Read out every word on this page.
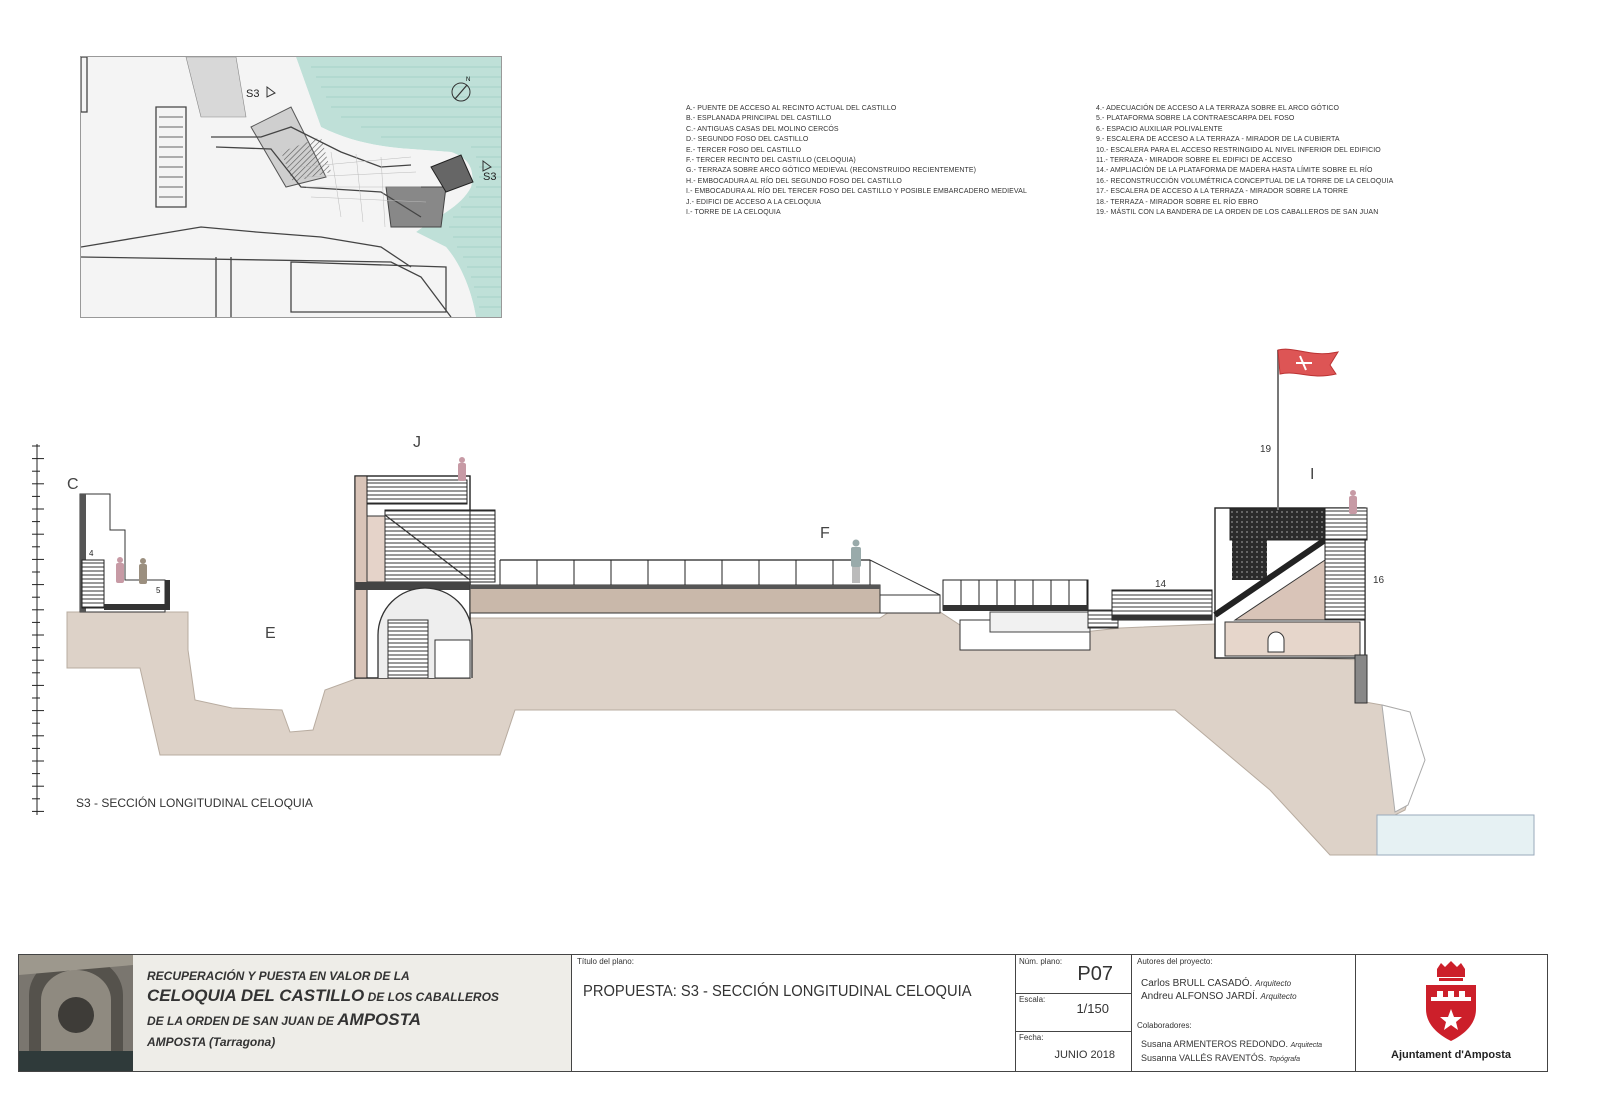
S3
S3
N
A.- PUENTE DE ACCESO AL RECINTO ACTUAL DEL CASTILLO
B.- ESPLANADA PRINCIPAL DEL CASTILLO
C.- ANTIGUAS CASAS DEL MOLINO CERCÓS
D.- SEGUNDO FOSO DEL CASTILLO
E.- TERCER FOSO DEL CASTILLO
F.- TERCER RECINTO DEL CASTILLO (CELOQUIA)
G.- TERRAZA SOBRE ARCO GÓTICO MEDIEVAL (RECONSTRUIDO RECIENTEMENTE)
H.- EMBOCADURA AL RÍO DEL SEGUNDO FOSO DEL CASTILLO
I.- EMBOCADURA AL RÍO DEL TERCER FOSO DEL CASTILLO Y POSIBLE EMBARCADERO MEDIEVAL
J.- EDIFICI DE ACCESO A LA CELOQUIA
I.- TORRE DE LA CELOQUIA
4.- ADECUACIÓN DE ACCESO A LA TERRAZA SOBRE EL ARCO GÓTICO
5.- PLATAFORMA SOBRE LA CONTRAESCARPA DEL FOSO
6.- ESPACIO AUXILIAR POLIVALENTE
9.- ESCALERA DE ACCESO A LA TERRAZA - MIRADOR DE LA CUBIERTA
10.- ESCALERA PARA EL ACCESO RESTRINGIDO AL NIVEL INFERIOR DEL EDIFICIO
11.- TERRAZA - MIRADOR SOBRE EL EDIFICI DE ACCESO
14.- AMPLIACIÓN DE LA PLATAFORMA DE MADERA HASTA LÍMITE SOBRE EL RÍO
16.- RECONSTRUCCIÓN VOLUMÉTRICA CONCEPTUAL DE LA TORRE DE LA CELOQUIA
17.- ESCALERA DE ACCESO A LA TERRAZA - MIRADOR SOBRE LA TORRE
18.- TERRAZA - MIRADOR SOBRE EL RÍO EBRO
19.- MÁSTIL CON LA BANDERA DE LA ORDEN DE LOS CABALLEROS DE SAN JUAN
C
E
J
F
I
4
5
14	16
19
S3 - SECCIÓN LONGITUDINAL CELOQUIA
RECUPERACIÓN Y PUESTA EN VALOR DE LA
CELOQUIA DEL CASTILLO DE LOS CABALLEROS
DE LA ORDEN DE SAN JUAN DE AMPOSTA
AMPOSTA (Tarragona)
Título del plano:
PROPUESTA: S3 - SECCIÓN LONGITUDINAL CELOQUIA
Núm. plano:
P07
Escala:
1/150
Fecha:
JUNIO 2018
Autores del proyecto:
Carlos BRULL CASADÓ. Arquitecto
Andreu ALFONSO JARDÍ. Arquitecto
Colaboradores:
Susana ARMENTEROS REDONDO. Arquitecta
Susanna VALLÉS RAVENTÓS. Topógrafa	Ajuntament d'Amposta
